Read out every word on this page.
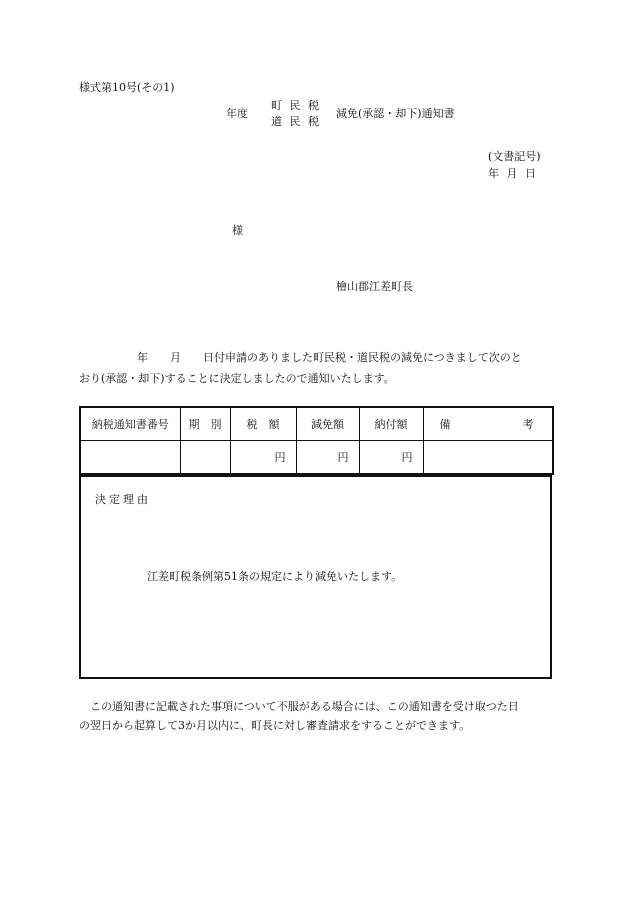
様式第10号(その1)
年度
町 民 税
道 民 税
減免(承認・却下)通知書
(文書記号)
年 月 日
様
檜山郡江差町長
年　　月　　日付申請のありました町民税・道民税の減免につきまして次のと
おり(承認・却下)することに決定しましたので通知いたします。
納税通知書番号	期　別	税　額	減免額	納付額	備 考
		円	円	円	
決定理由
江差町税条例第51条の規定により減免いたします。
この通知書に記載された事項について不服がある場合には、この通知書を受け取つた日
の翌日から起算して3か月以内に、町長に対し審査請求をすることができます。
